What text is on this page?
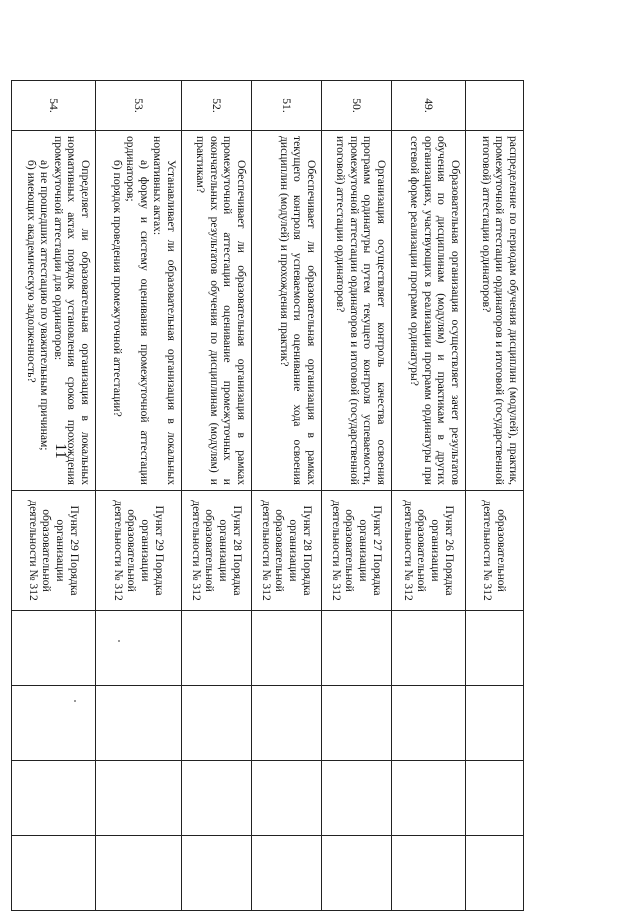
11

	распределение по периодам обучения дисциплин (модулей), практик, промежуточной аттестации ординаторов и итоговой (государственной итоговой) аттестации ординаторов?	образовательной деятельности № 312				
49.	Образовательная организация осуществляет зачет результатов обучения по дисциплинам (модулям) и практикам в других организациях, участвующих в реализации программ ординатуры при сетевой форме реализации программ ординатуры?	Пункт 26 Порядка организации образовательной деятельности № 312				
50.	Организация осуществляет контроль качества освоения программ ординатуры путем текущего контроля успеваемости, промежуточной аттестации ординаторов и итоговой (государственной итоговой) аттестации ординаторов?	Пункт 27 Порядка организации образовательной деятельности № 312				
51.	Обеспечивает ли образовательная организация в рамках текущего контроля успеваемости оценивание хода освоения дисциплин (модулей) и прохождения практик?	Пункт 28 Порядка организации образовательной деятельности № 312				
52.	Обеспечивает ли образовательная организация в рамках промежуточной аттестации оценивание промежуточных и окончательных результатов обучения по дисциплинам (модулям) и практикам?	Пункт 28 Порядка организации образовательной деятельности № 312				
53.	Устанавливает ли образовательная организация в локальных нормативных актах:
а) форму и систему оценивания промежуточной аттестации ординаторов;
б) порядок проведения промежуточной аттестации?	Пункт 29 Порядка организации образовательной деятельности № 312				
54.	Определяет ли образовательная организация в локальных нормативных актах порядок установления сроков прохождения промежуточной аттестации для ординаторов:
а) не прошедших аттестацию по уважительным причинам;
б) имеющих академическую задолженность?	Пункт 29 Порядка организации образовательной деятельности № 312				
